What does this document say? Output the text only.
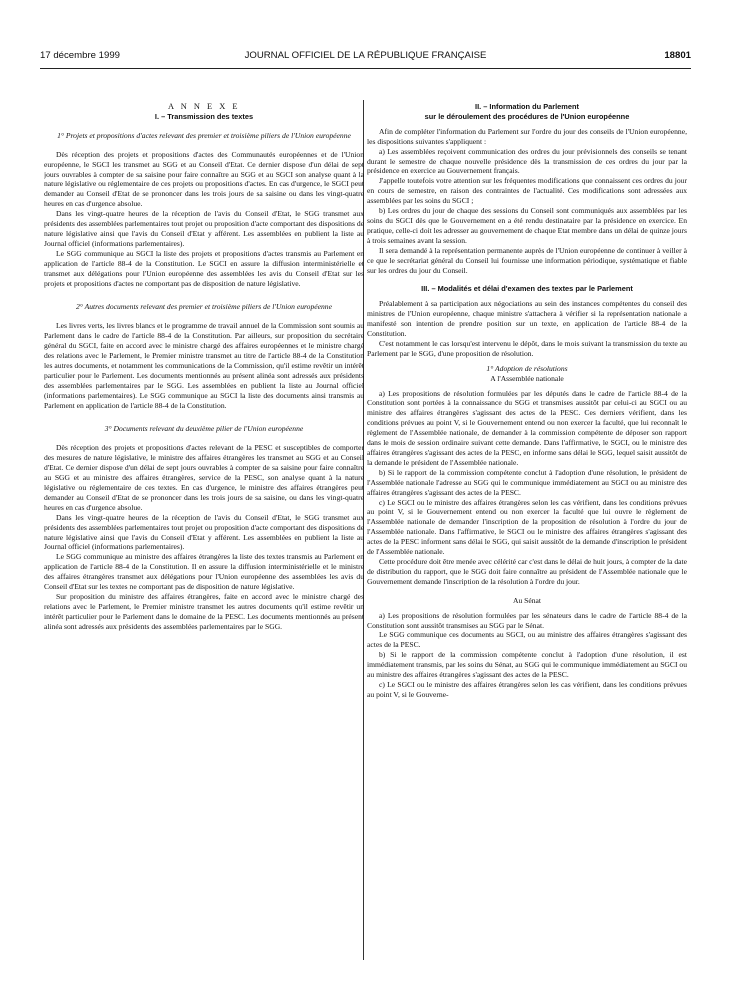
17 décembre 1999	JOURNAL OFFICIEL DE LA RÉPUBLIQUE FRANÇAISE	18801

A N N E X E

I. – Transmission des textes

1° Projets et propositions d'actes relevant des premier et troisième piliers de l'Union européenne

Dès réception des projets et propositions d'actes des Communautés européennes et de l'Union européenne, le SGCI les transmet au SGG et au Conseil d'Etat. Ce dernier dispose d'un délai de sept jours ouvrables à compter de sa saisine pour faire connaître au SGG et au SGCI son analyse quant à la nature législative ou réglementaire de ces projets ou propositions d'actes. En cas d'urgence, le SGCI peut demander au Conseil d'Etat de se prononcer dans les trois jours de sa saisine ou dans les vingt-quatre heures en cas d'urgence absolue.

Dans les vingt-quatre heures de la réception de l'avis du Conseil d'Etat, le SGG transmet aux présidents des assemblées parlementaires tout projet ou proposition d'acte comportant des dispositions de nature législative ainsi que l'avis du Conseil d'Etat y afférent. Les assemblées en publient la liste au Journal officiel (informations parlementaires).

Le SGG communique au SGCI la liste des projets et propositions d'actes transmis au Parlement en application de l'article 88-4 de la Constitution. Le SGCI en assure la diffusion interministérielle et transmet aux délégations pour l'Union européenne des assemblées les avis du Conseil d'Etat sur les projets et propositions d'actes ne comportant pas de disposition de nature législative.

2° Autres documents relevant des premier et troisième piliers de l'Union européenne

Les livres verts, les livres blancs et le programme de travail annuel de la Commission sont soumis au Parlement dans le cadre de l'article 88-4 de la Constitution. Par ailleurs, sur proposition du secrétaire général du SGCI, faite en accord avec le ministre chargé des affaires européennes et le ministre chargé des relations avec le Parlement, le Premier ministre transmet au titre de l'article 88-4 de la Constitution les autres documents, et notamment les communications de la Commission, qu'il estime revêtir un intérêt particulier pour le Parlement. Les documents mentionnés au présent alinéa sont adressés aux présidents des assemblées parlementaires par le SGG. Les assemblées en publient la liste au Journal officiel (informations parlementaires). Le SGG communique au SGCI la liste des documents ainsi transmis au Parlement en application de l'article 88-4 de la Constitution.

3° Documents relevant du deuxième pilier de l'Union européenne

Dès réception des projets et propositions d'actes relevant de la PESC et susceptibles de comporter des mesures de nature législative, le ministre des affaires étrangères les transmet au SGG et au Conseil d'Etat. Ce dernier dispose d'un délai de sept jours ouvrables à compter de sa saisine pour faire connaître au SGG et au ministre des affaires étrangères, service de la PESC, son analyse quant à la nature législative ou réglementaire de ces textes. En cas d'urgence, le ministre des affaires étrangères peut demander au Conseil d'Etat de se prononcer dans les trois jours de sa saisine, ou dans les vingt-quatre heures en cas d'urgence absolue.

Dans les vingt-quatre heures de la réception de l'avis du Conseil d'Etat, le SGG transmet aux présidents des assemblées parlementaires tout projet ou proposition d'acte comportant des dispositions de nature législative ainsi que l'avis du Conseil d'Etat y afférent. Les assemblées en publient la liste au Journal officiel (informations parlementaires).

Le SGG communique au ministre des affaires étrangères la liste des textes transmis au Parlement en application de l'article 88-4 de la Constitution. Il en assure la diffusion interministérielle et le ministre des affaires étrangères transmet aux délégations pour l'Union européenne des assemblées les avis du Conseil d'Etat sur les textes ne comportant pas de disposition de nature législative.

Sur proposition du ministre des affaires étrangères, faite en accord avec le ministre chargé des relations avec le Parlement, le Premier ministre transmet les autres documents qu'il estime revêtir un intérêt particulier pour le Parlement dans le domaine de la PESC. Les documents mentionnés au présent alinéa sont adressés aux présidents des assemblées parlementaires par le SGG.

II. – Information du Parlement

sur le déroulement des procédures de l'Union européenne

Afin de compléter l'information du Parlement sur l'ordre du jour des conseils de l'Union européenne, les dispositions suivantes s'appliquent :

a) Les assemblées reçoivent communication des ordres du jour prévisionnels des conseils se tenant durant le semestre de chaque nouvelle présidence dès la transmission de ces ordres du jour par la présidence en exercice au Gouvernement français.

J'appelle toutefois votre attention sur les fréquentes modifications que connaissent ces ordres du jour en cours de semestre, en raison des contraintes de l'actualité. Ces modifications sont adressées aux assemblées par les soins du SGCI ;

b) Les ordres du jour de chaque des sessions du Conseil sont communiqués aux assemblées par les soins du SGCI dès que le Gouvernement en a été rendu destinataire par la présidence en exercice. En pratique, celle-ci doit les adresser au gouvernement de chaque Etat membre dans un délai de quinze jours à trois semaines avant la session.

Il sera demandé à la représentation permanente auprès de l'Union européenne de continuer à veiller à ce que le secrétariat général du Conseil lui fournisse une information périodique, systématique et fiable sur les ordres du jour du Conseil.

III. – Modalités et délai d'examen des textes par le Parlement

Préalablement à sa participation aux négociations au sein des instances compétentes du conseil des ministres de l'Union européenne, chaque ministre s'attachera à vérifier si la représentation nationale a manifesté son intention de prendre position sur un texte, en application de l'article 88-4 de la Constitution.

C'est notamment le cas lorsqu'est intervenu le dépôt, dans le mois suivant la transmission du texte au Parlement par le SGG, d'une proposition de résolution.

1° Adoption de résolutions

A l'Assemblée nationale

a) Les propositions de résolution formulées par les députés dans le cadre de l'article 88-4 de la Constitution sont portées à la connaissance du SGG et transmises aussitôt par celui-ci au SGCI ou au ministre des affaires étrangères s'agissant des actes de la PESC. Ces derniers vérifient, dans les conditions prévues au point V, si le Gouvernement entend ou non exercer la faculté, que lui reconnaît le règlement de l'Assemblée nationale, de demander à la commission compétente de déposer son rapport dans le mois de session ordinaire suivant cette demande. Dans l'affirmative, le SGCI, ou le ministre des affaires étrangères s'agissant des actes de la PESC, en informe sans délai le SGG, lequel saisit aussitôt de la demande le président de l'Assemblée nationale.

b) Si le rapport de la commission compétente conclut à l'adoption d'une résolution, le président de l'Assemblée nationale l'adresse au SGG qui le communique immédiatement au SGCI ou au ministre des affaires étrangères s'agissant des actes de la PESC.

c) Le SGCI ou le ministre des affaires étrangères selon les cas vérifient, dans les conditions prévues au point V, si le Gouvernement entend ou non exercer la faculté que lui ouvre le règlement de l'Assemblée nationale de demander l'inscription de la proposition de résolution à l'ordre du jour de l'Assemblée nationale. Dans l'affirmative, le SGCI ou le ministre des affaires étrangères s'agissant des actes de la PESC informent sans délai le SGG, qui saisit aussitôt de la demande d'inscription le président de l'Assemblée nationale.

Cette procédure doit être menée avec célérité car c'est dans le délai de huit jours, à compter de la date de distribution du rapport, que le SGG doit faire connaître au président de l'Assemblée nationale que le Gouvernement demande l'inscription de la résolution à l'ordre du jour.

Au Sénat

a) Les propositions de résolution formulées par les sénateurs dans le cadre de l'article 88-4 de la Constitution sont aussitôt transmises au SGG par le Sénat.

Le SGG communique ces documents au SGCI, ou au ministre des affaires étrangères s'agissant des actes de la PESC.

b) Si le rapport de la commission compétente conclut à l'adoption d'une résolution, il est immédiatement transmis, par les soins du Sénat, au SGG qui le communique immédiatement au SGCI ou au ministre des affaires étrangères s'agissant des actes de la PESC.

c) Le SGCI ou le ministre des affaires étrangères selon les cas vérifient, dans les conditions prévues au point V, si le Gouverne-
